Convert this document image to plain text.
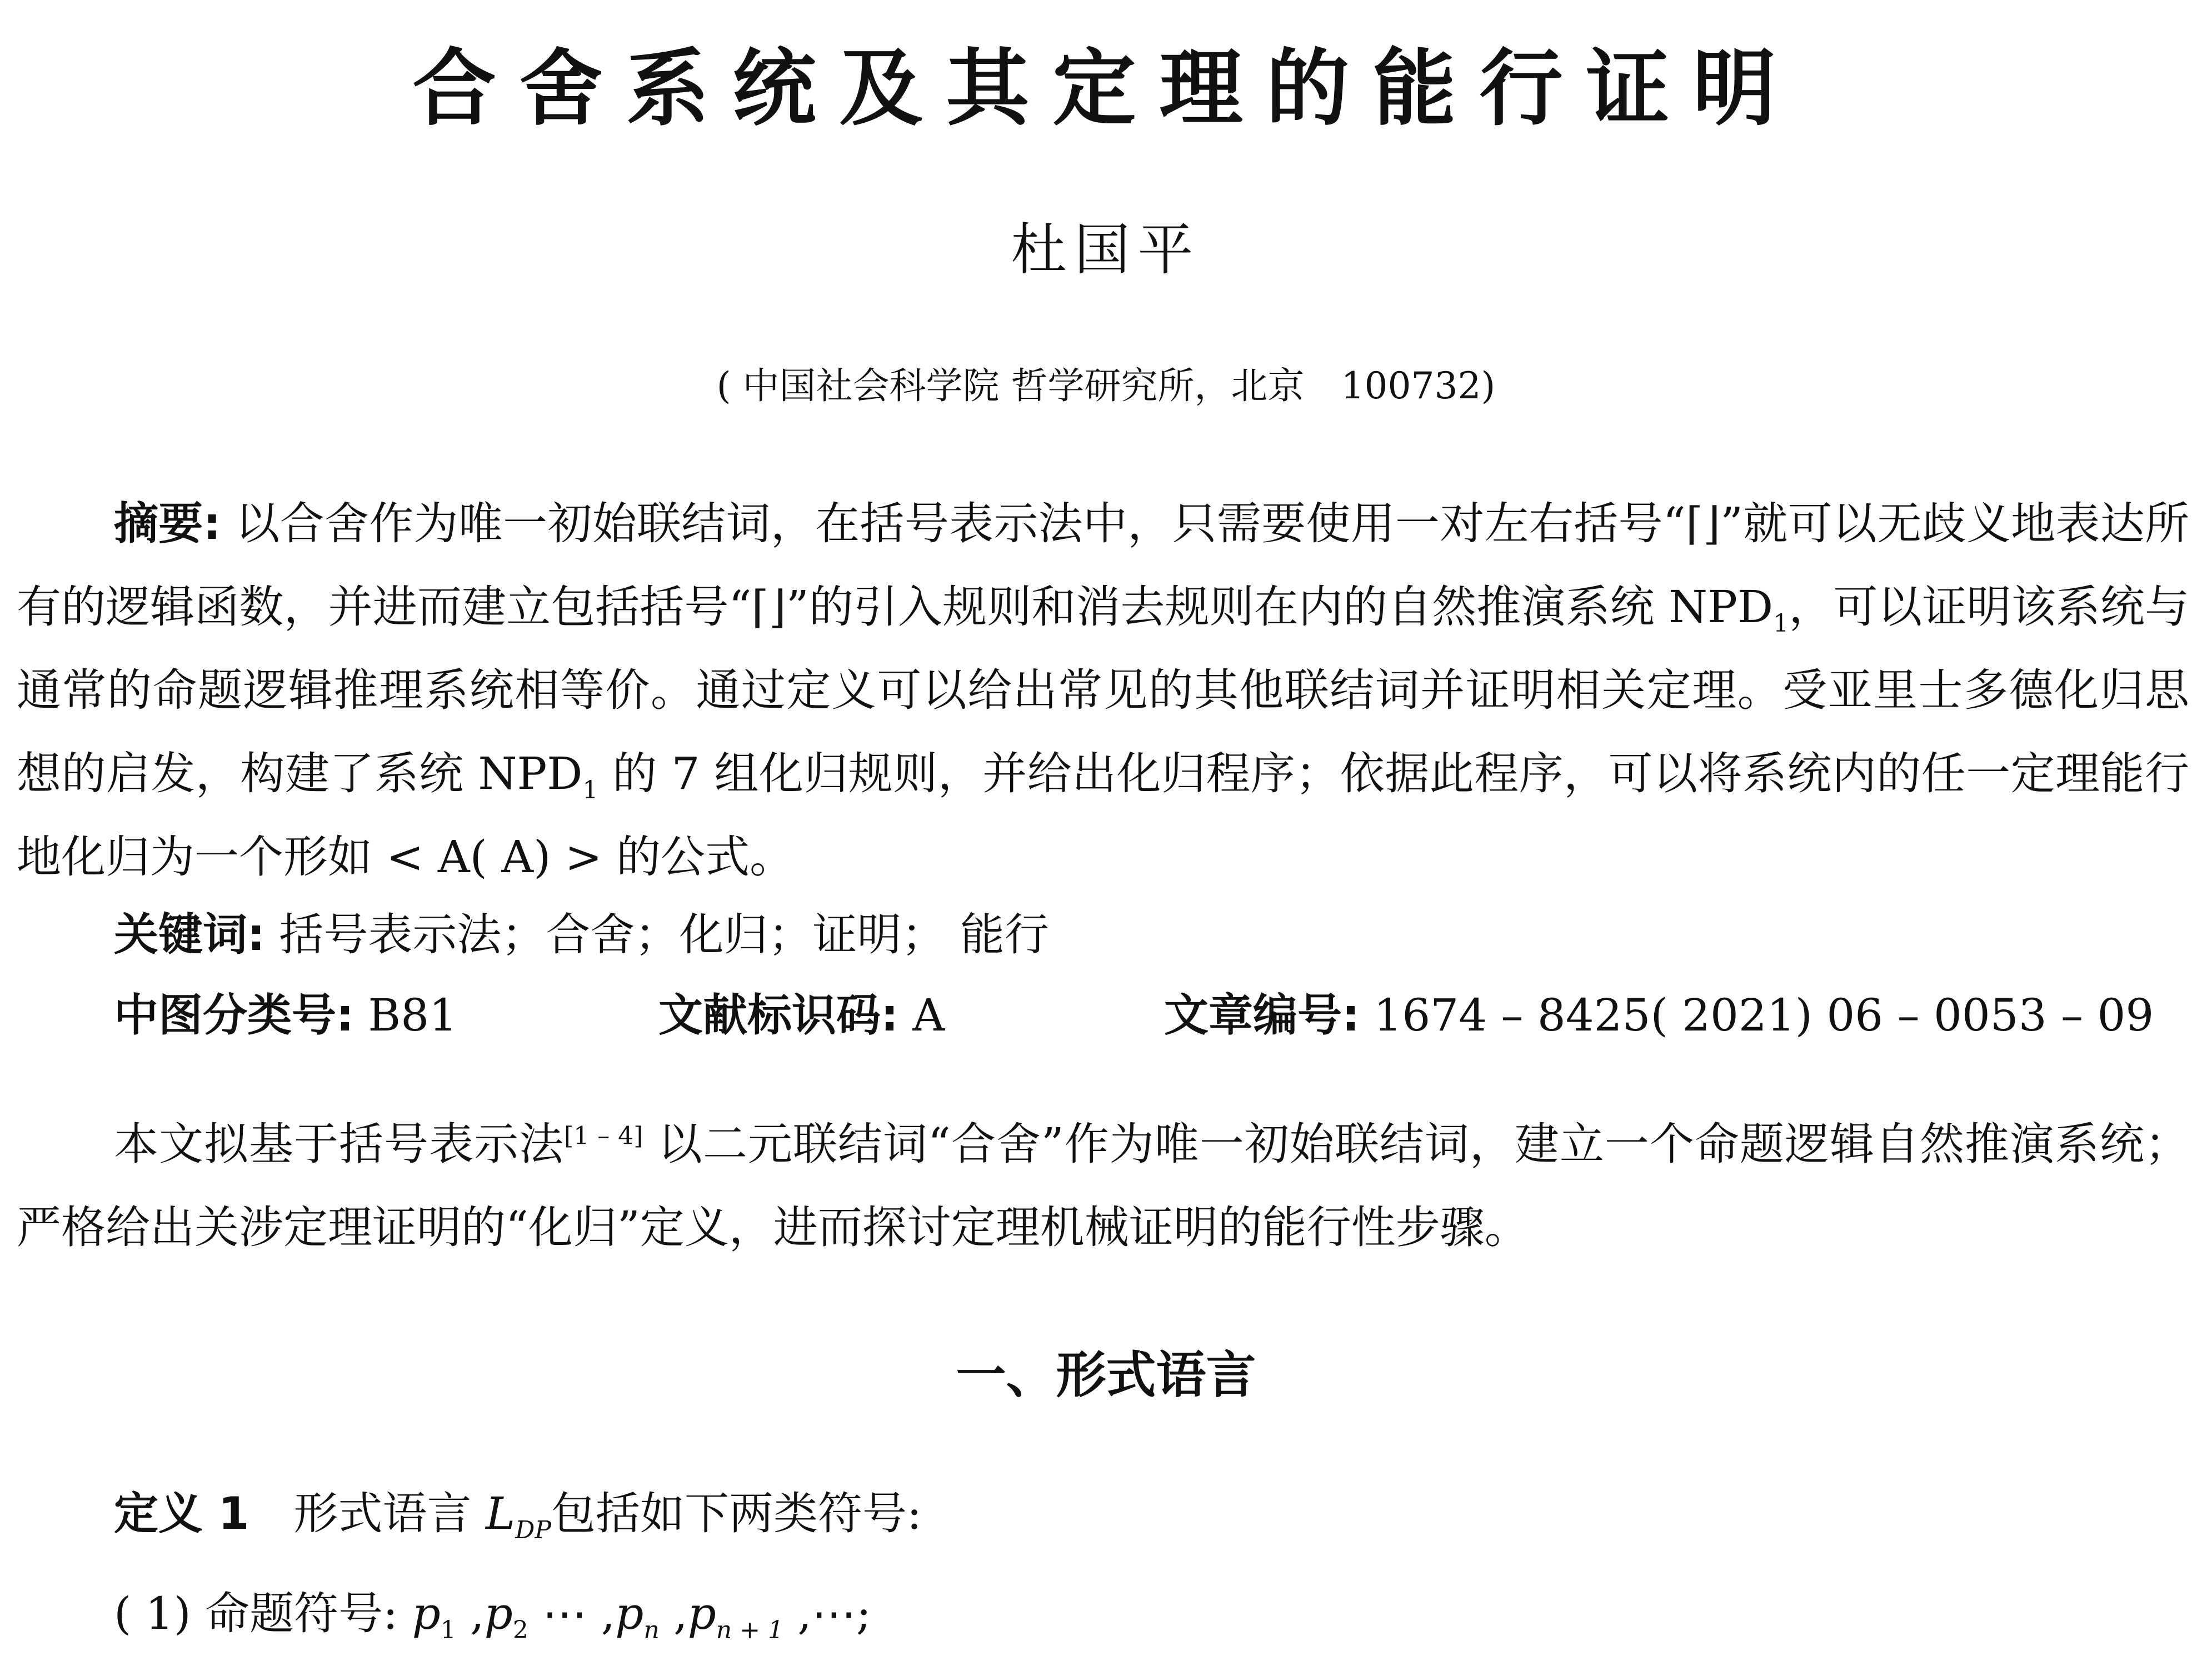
合舍系统及其定理的能行证明
杜国平
( 中国社会科学院 哲学研究所，北京　100732)
摘要: 以合舍作为唯一初始联结词，在括号表示法中，只需要使用一对左右括号“⌈⌋”就可以无歧义地表达所有的逻辑函数，并进而建立包括括号“⌈⌋”的引入规则和消去规则在内的自然推演系统 $NPD_1$，可以证明该系统与通常的命题逻辑推理系统相等价。通过定义可以给出常见的其他联结词并证明相关定理。受亚里士多德化归思想的启发，构建了系统 $NPD_1$ 的 7 组化归规则，并给出化归程序；依据此程序，可以将系统内的任一定理能行地化归为一个形如 < A( A) > 的公式。
关键词: 括号表示法；合舍；化归；证明； 能行
中图分类号: B81	文献标识码: A	文章编号: 1674 – 8425( 2021) 06 – 0053 – 09
本文拟基于括号表示法[1 – 4] 以二元联结词“合舍”作为唯一初始联结词，建立一个命题逻辑自然推演系统；严格给出关涉定理证明的“化归”定义，进而探讨定理机械证明的能行性步骤。
一、形式语言
定义 1　形式语言 $L_{DP}$包括如下两类符号:
( 1) 命题符号: $p_1$ $,p_2$ ⋯ $,p_n$ $,p_{n + 1}$ ,⋯;
